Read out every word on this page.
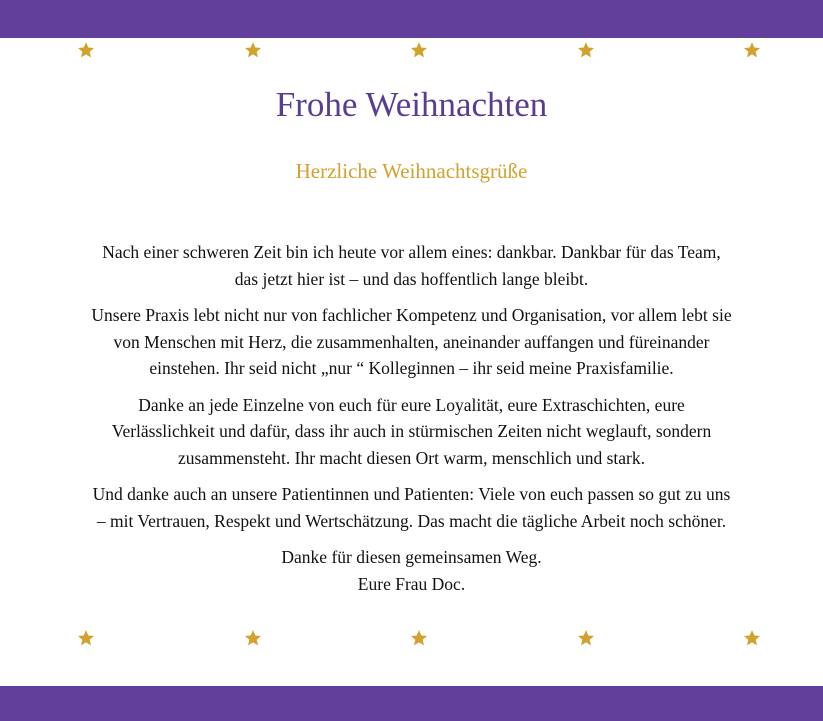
Frohe Weihnachten
Herzliche Weihnachtsgrüße

Nach einer schweren Zeit bin ich heute vor allem eines: dankbar. Dankbar für das Team,
das jetzt hier ist – und das hoffentlich lange bleibt.

Unsere Praxis lebt nicht nur von fachlicher Kompetenz und Organisation, vor allem lebt sie
von Menschen mit Herz, die zusammenhalten, aneinander auffangen und füreinander
einstehen. Ihr seid nicht „nur “ Kolleginnen – ihr seid meine Praxisfamilie.

Danke an jede Einzelne von euch für eure Loyalität, eure Extraschichten, eure
Verlässlichkeit und dafür, dass ihr auch in stürmischen Zeiten nicht weglauft, sondern
zusammensteht. Ihr macht diesen Ort warm, menschlich und stark.

Und danke auch an unsere Patientinnen und Patienten: Viele von euch passen so gut zu uns
– mit Vertrauen, Respekt und Wertschätzung. Das macht die tägliche Arbeit noch schöner.

Danke für diesen gemeinsamen Weg.
Eure Frau Doc.
